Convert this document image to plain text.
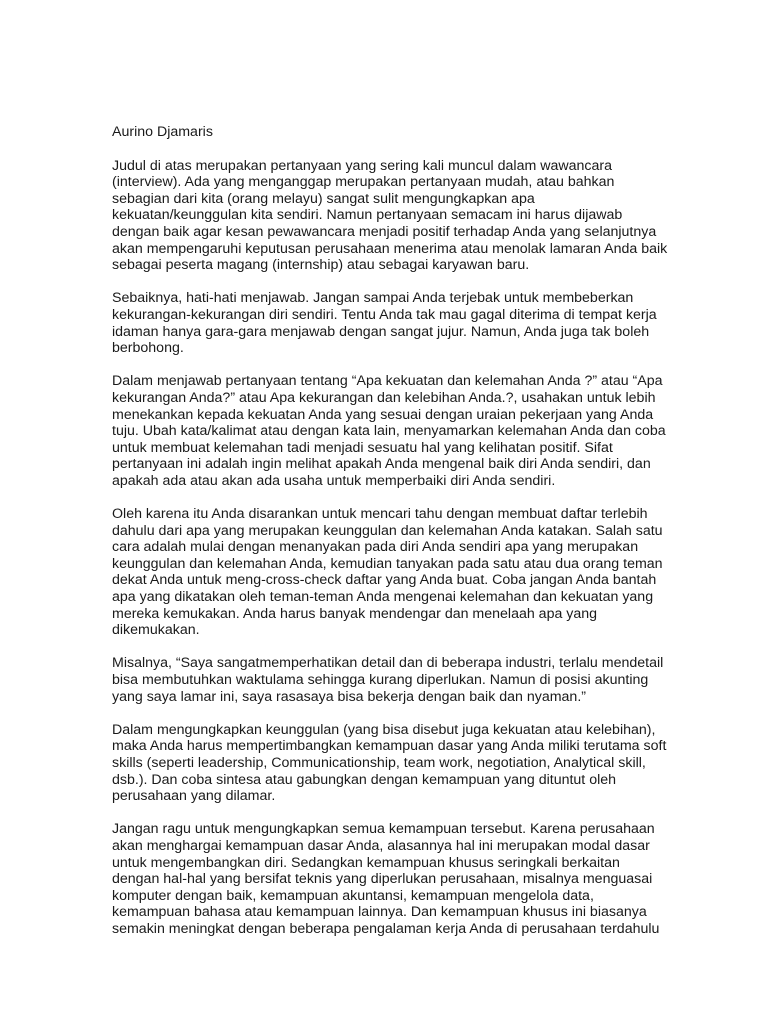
Aurino Djamaris
Judul di atas merupakan pertanyaan yang sering kali muncul dalam wawancara
(interview). Ada yang menganggap merupakan pertanyaan mudah, atau bahkan
sebagian dari kita (orang melayu) sangat sulit mengungkapkan apa
kekuatan/keunggulan kita sendiri. Namun pertanyaan semacam ini harus dijawab
dengan baik agar kesan pewawancara menjadi positif terhadap Anda yang selanjutnya
akan mempengaruhi keputusan perusahaan menerima atau menolak lamaran Anda baik
sebagai peserta magang (internship) atau sebagai karyawan baru.
Sebaiknya, hati-hati menjawab. Jangan sampai Anda terjebak untuk membeberkan
kekurangan-kekurangan diri sendiri. Tentu Anda tak mau gagal diterima di tempat kerja
idaman hanya gara-gara menjawab dengan sangat jujur. Namun, Anda juga tak boleh
berbohong.
Dalam menjawab pertanyaan tentang “Apa kekuatan dan kelemahan Anda ?” atau “Apa
kekurangan Anda?” atau Apa kekurangan dan kelebihan Anda.?, usahakan untuk lebih
menekankan kepada kekuatan Anda yang sesuai dengan uraian pekerjaan yang Anda
tuju. Ubah kata/kalimat atau dengan kata lain, menyamarkan kelemahan Anda dan coba
untuk membuat kelemahan tadi menjadi sesuatu hal yang kelihatan positif. Sifat
pertanyaan ini adalah ingin melihat apakah Anda mengenal baik diri Anda sendiri, dan
apakah ada atau akan ada usaha untuk memperbaiki diri Anda sendiri.
Oleh karena itu Anda disarankan untuk mencari tahu dengan membuat daftar terlebih
dahulu dari apa yang merupakan keunggulan dan kelemahan Anda katakan. Salah satu
cara adalah mulai dengan menanyakan pada diri Anda sendiri apa yang merupakan
keunggulan dan kelemahan Anda, kemudian tanyakan pada satu atau dua orang teman
dekat Anda untuk meng-cross-check daftar yang Anda buat. Coba jangan Anda bantah
apa yang dikatakan oleh teman-teman Anda mengenai kelemahan dan kekuatan yang
mereka kemukakan. Anda harus banyak mendengar dan menelaah apa yang
dikemukakan.
Misalnya, “Saya sangatmemperhatikan detail dan di beberapa industri, terlalu mendetail
bisa membutuhkan waktulama sehingga kurang diperlukan. Namun di posisi akunting
yang saya lamar ini, saya rasasaya bisa bekerja dengan baik dan nyaman.”
Dalam mengungkapkan keunggulan (yang bisa disebut juga kekuatan atau kelebihan),
maka Anda harus mempertimbangkan kemampuan dasar yang Anda miliki terutama soft
skills (seperti leadership, Communicationship, team work, negotiation, Analytical skill,
dsb.). Dan coba sintesa atau gabungkan dengan kemampuan yang dituntut oleh
perusahaan yang dilamar.
Jangan ragu untuk mengungkapkan semua kemampuan tersebut. Karena perusahaan
akan menghargai kemampuan dasar Anda, alasannya hal ini merupakan modal dasar
untuk mengembangkan diri. Sedangkan kemampuan khusus seringkali berkaitan
dengan hal-hal yang bersifat teknis yang diperlukan perusahaan, misalnya menguasai
komputer dengan baik, kemampuan akuntansi, kemampuan mengelola data,
kemampuan bahasa atau kemampuan lainnya. Dan kemampuan khusus ini biasanya
semakin meningkat dengan beberapa pengalaman kerja Anda di perusahaan terdahulu
